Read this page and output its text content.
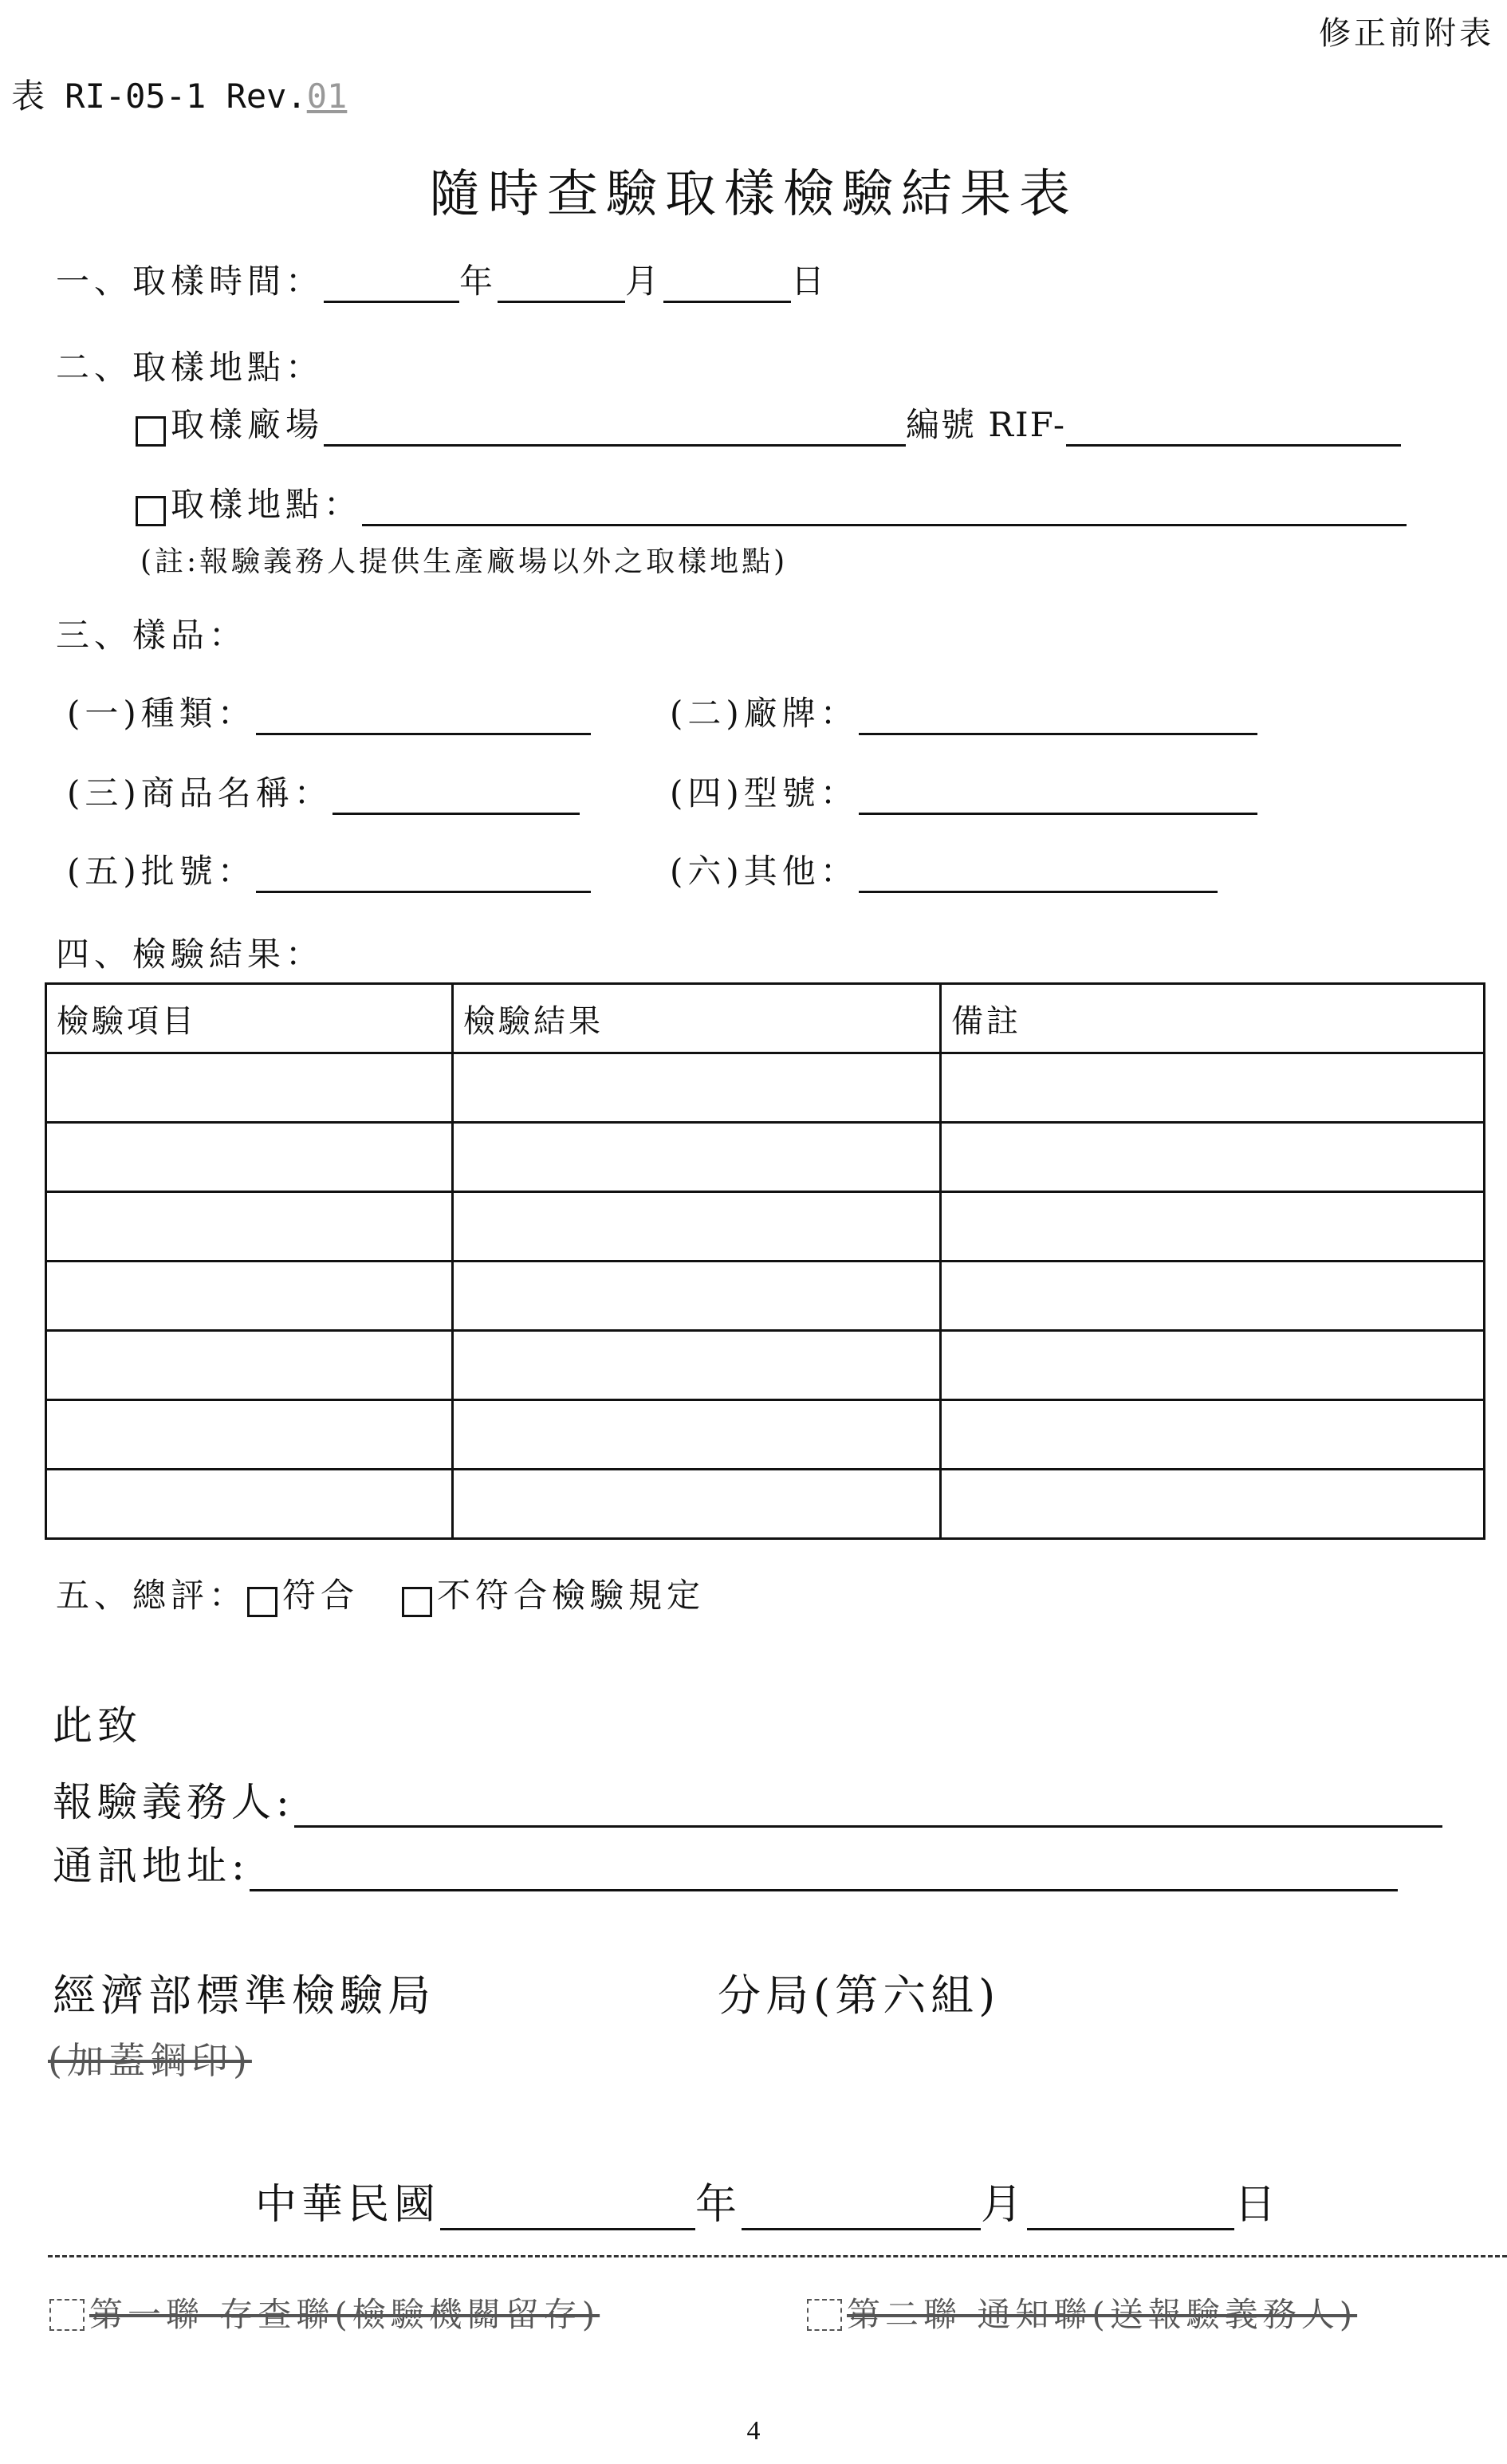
修正前附表
表 RI-05-1 Rev.01
隨時查驗取樣檢驗結果表
一、取樣時間：	年	月	日
二、取樣地點：
取樣廠場	編號 RIF-
取樣地點：
(註:報驗義務人提供生產廠場以外之取樣地點)
三、樣品：
(一)種類：	(二)廠牌：
(三)商品名稱：	(四)型號：
(五)批號：	(六)其他：
四、檢驗結果：
檢驗項目	檢驗結果	備註

五、總評： 符合 不符合檢驗規定
此致
報驗義務人:
通訊地址:
經濟部標準檢驗局	分局(第六組)
(加蓋鋼印)
中華民國	年	月	日
第一聯 存查聯(檢驗機關留存)	第二聯 通知聯(送報驗義務人)
4
